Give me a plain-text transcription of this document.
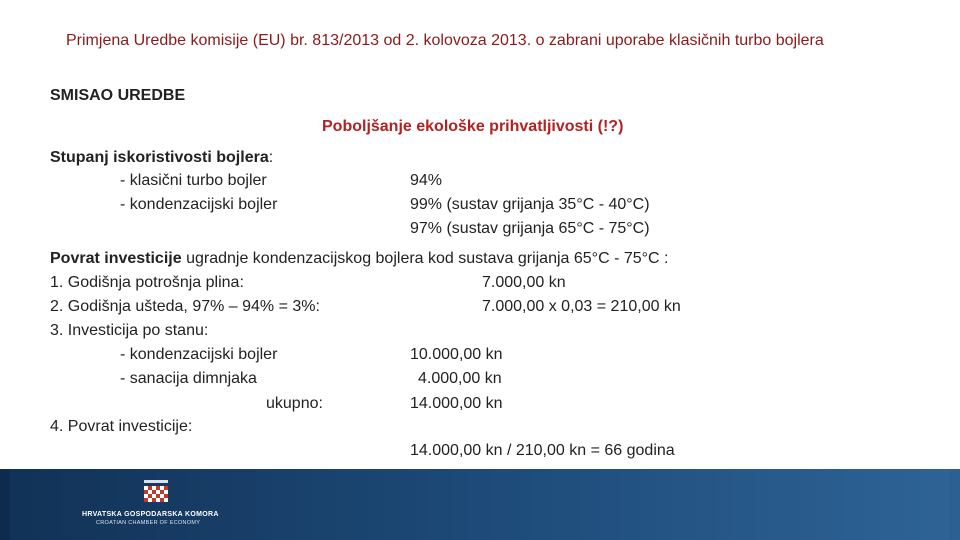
Primjena Uredbe komisije (EU) br. 813/2013 od 2. kolovoza 2013. o zabrani uporabe klasičnih turbo bojlera
SMISAO UREDBE
Poboljšanje ekološke prihvatljivosti (!?)
Stupanj iskoristivosti bojlera:
- klasični turbo bojler	94%
- kondenzacijski bojler	99% (sustav grijanja 35°C - 40°C)
97% (sustav grijanja 65°C - 75°C)
Povrat investicije ugradnje kondenzacijskog bojlera kod sustava grijanja 65°C - 75°C :
1. Godišnja potrošnja plina:	7.000,00 kn
2. Godišnja ušteda, 97% – 94% = 3%:	7.000,00 x 0,03 = 210,00 kn
3. Investicija po stanu:
- kondenzacijski bojler	10.000,00 kn
- sanacija dimnjaka	4.000,00 kn
ukupno:	14.000,00 kn
4. Povrat investicije:
14.000,00 kn / 210,00 kn = 66 godina
HRVATSKA GOSPODARSKA KOMORA
CROATIAN CHAMBER OF ECONOMY
